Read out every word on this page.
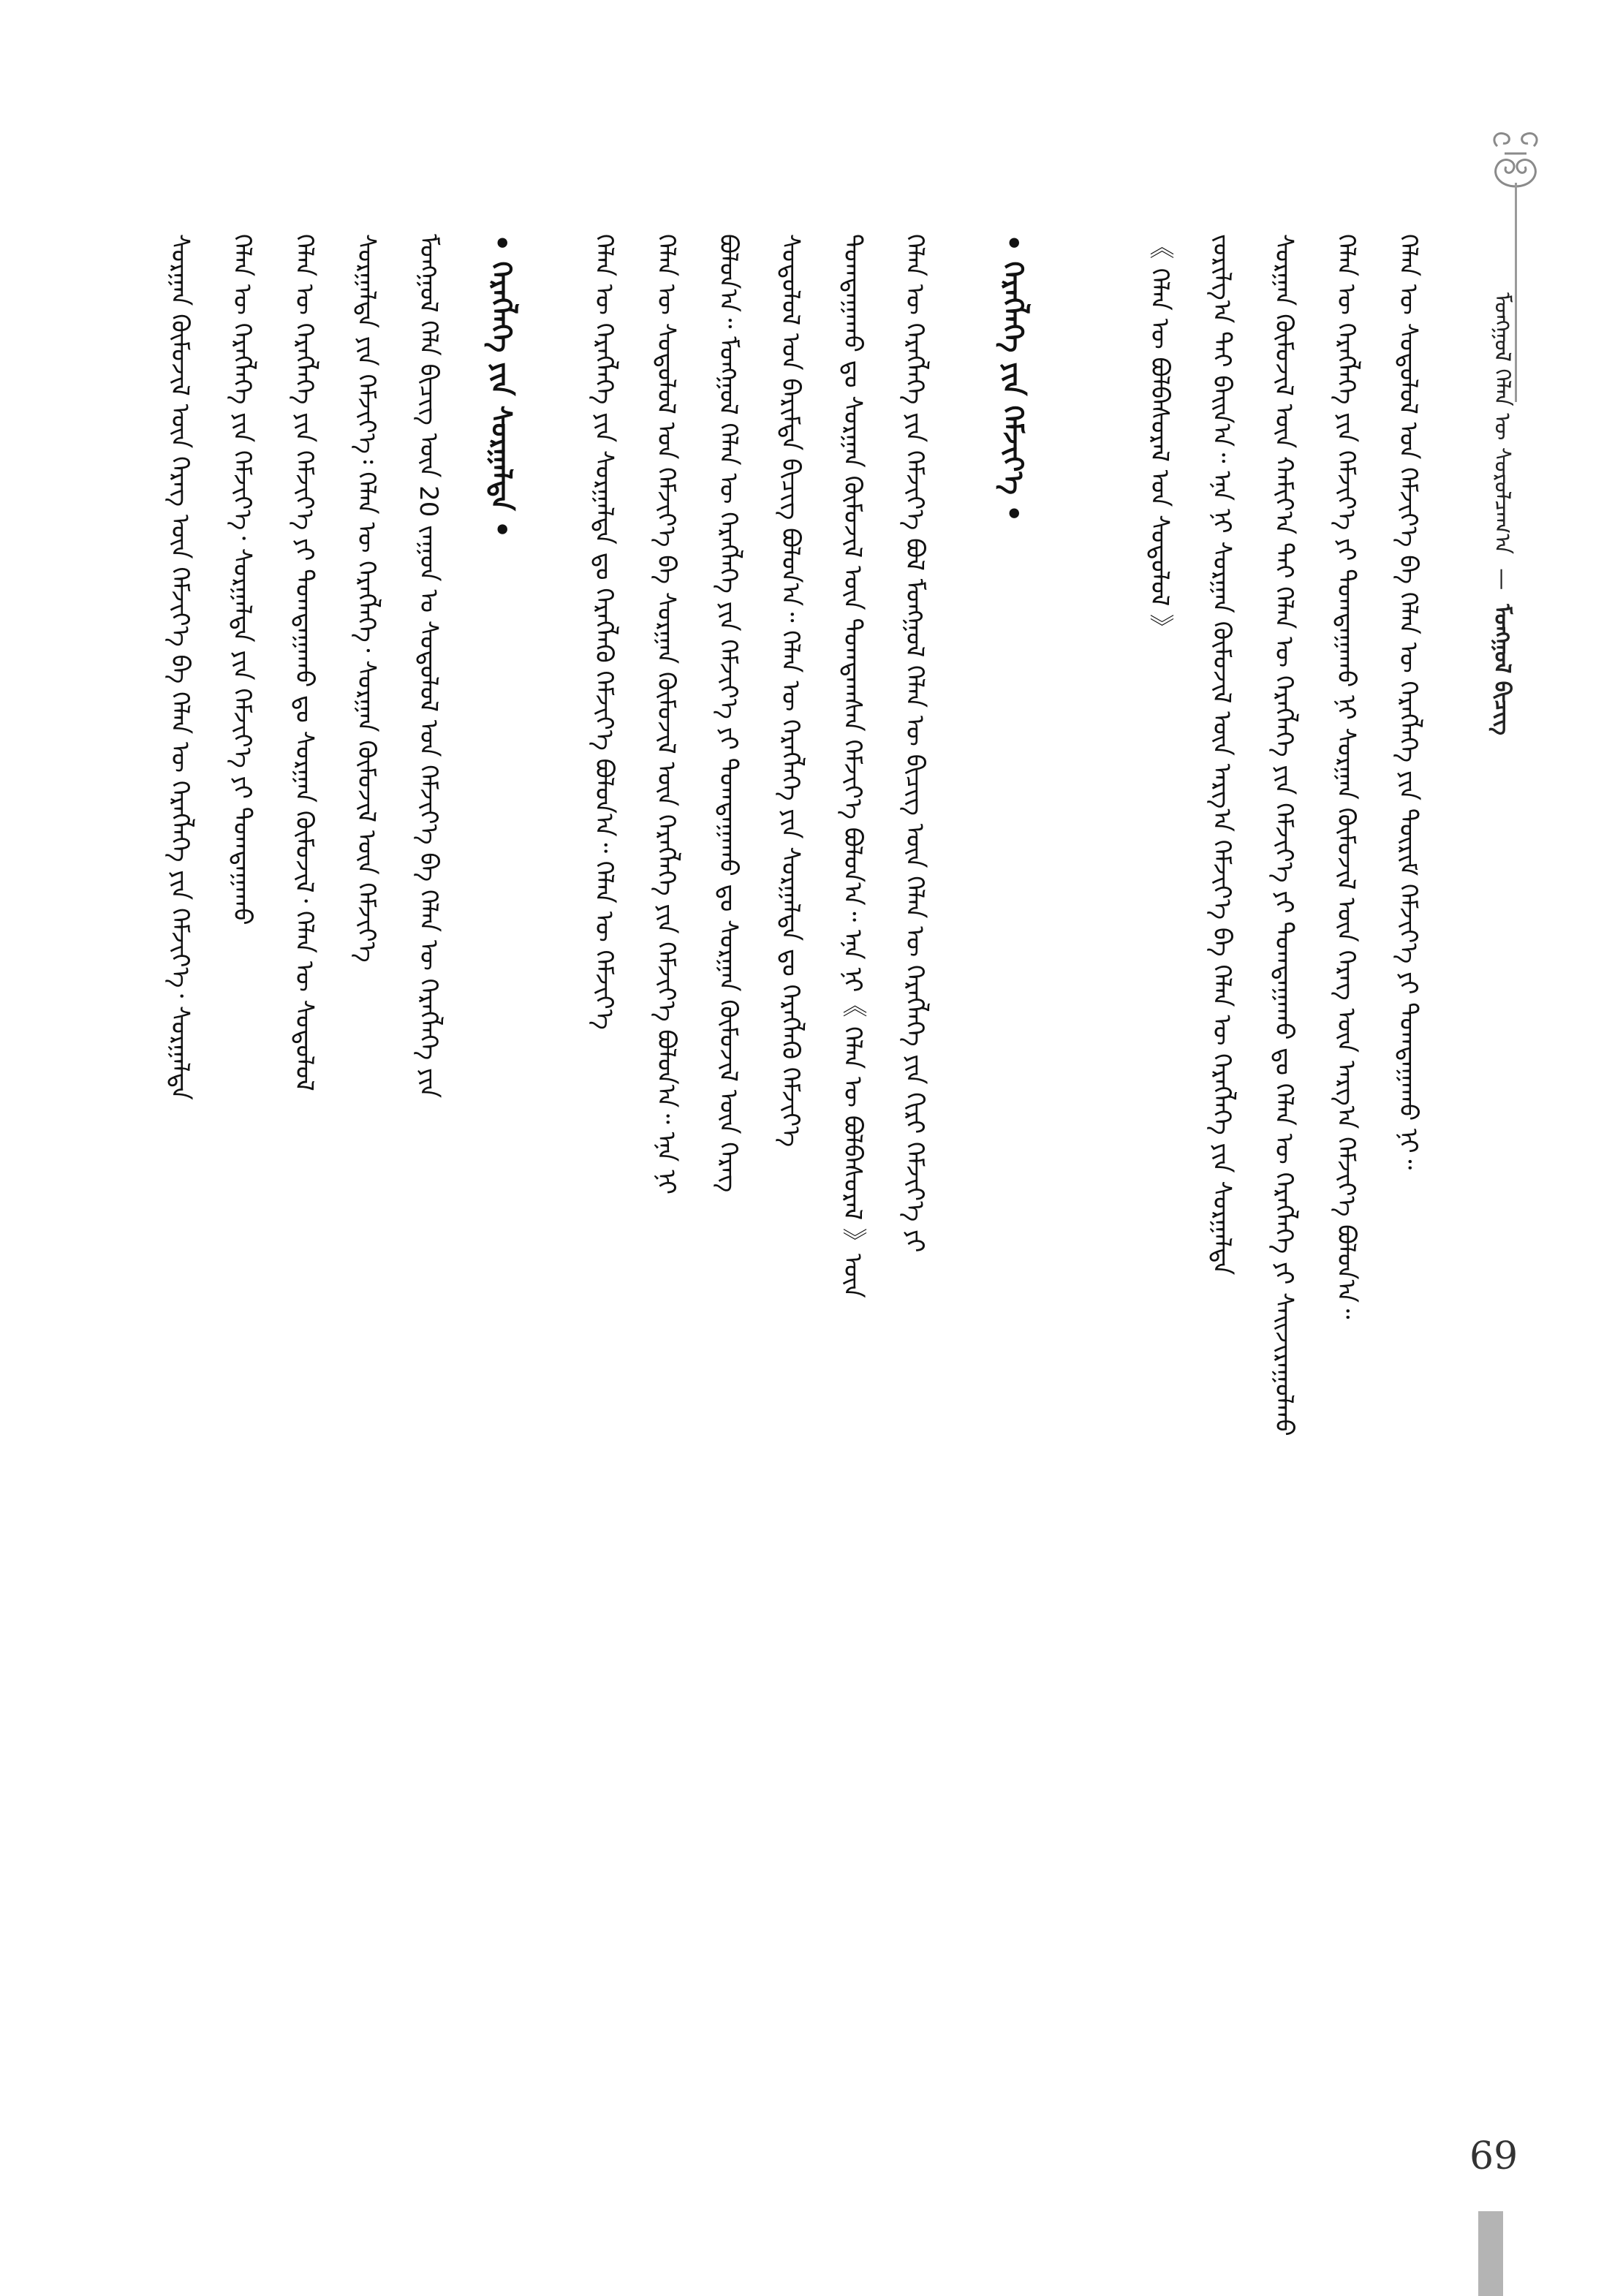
ᠮᠣᠩᠭᠤᠯ ᠬᠡᠯᠡᠨ ᠦ ᠰᠤᠷᠤᠯᠴᠠᠭ᠎ᠠ  —  ᠮᠣᠩᠭᠤᠯ ᠪᠢᠴᠢᠭ
ᠬᠡᠯᠡᠨ ᠦ ᠰᠤᠳᠤᠯᠤᠯ ᠤᠨ ᠬᠡᠮᠵᠢᠶ᠎ᠡ ᠪᠠ ᠬᠡᠯᠡᠨ ᠦ ᠬᠡᠷᠡᠭᠯᠡᠭᠡ ᠶᠢᠨ ᠳᠦᠷᠢᠮ ᠬᠡᠮᠵᠢᠶ᠎ᠡ ᠶᠢ ᠲᠣᠭᠲᠠᠭᠠᠬᠤ ᠨᠢ᠃
ᠬᠡᠯᠡᠨ ᠦ ᠬᠡᠷᠡᠭᠯᠡᠭᠡ ᠶᠢᠨ ᠬᠡᠮᠵᠢᠶ᠎ᠡ ᠶᠢ ᠲᠣᠭᠲᠠᠭᠠᠬᠤ ᠨᠢ ᠰᠤᠷᠭᠠᠨ ᠬᠦᠮᠦᠵᠢᠯ ᠦᠨ ᠬᠡᠷᠡᠭ ᠦᠨ ᠠᠷᠭ᠎ᠠ ᠬᠡᠮᠵᠢᠶ᠎ᠡ ᠪᠣᠯᠤᠨ᠎ᠠ᠃
ᠰᠤᠷᠭᠠᠨ ᠬᠦᠮᠦᠵᠢᠯ ᠦᠨ ᠬᠠᠮᠢᠶ᠎ᠠ ᠲᠠᠢ ᠬᠡᠯᠡᠨ ᠦ ᠬᠡᠷᠡᠭᠯᠡᠭᠡ ᠶᠢᠨ ᠬᠡᠮᠵᠢᠶ᠎ᠡ ᠶᠢ ᠲᠣᠭᠲᠠᠭᠠᠬᠤ ᠳᠤ ᠬᠡᠯᠡᠨ ᠦ ᠬᠡᠷᠡᠭᠯᠡᠭᠡ ᠶᠢ ᠰᠠᠢᠵᠢᠷᠠᠭᠤᠯᠬᠤ
ᠵᠣᠷᠢᠯᠭ᠎ᠠ ᠲᠠᠢ ᠪᠠᠢᠨ᠎ᠠ᠃ ᠡᠨᠡ ᠨᠢ ᠰᠤᠷᠭᠠᠨ ᠬᠦᠮᠦᠵᠢᠯ ᠦᠨ ᠠᠷᠭ᠎ᠠ ᠬᠡᠮᠵᠢᠶ᠎ᠡ ᠪᠠ ᠬᠡᠯᠡᠨ ᠦ ᠬᠡᠷᠡᠭᠯᠡᠭᠡ ᠶᠢᠨ ᠰᠤᠷᠭᠠᠯᠲᠠ
《 ᠬᠡᠯᠡᠨ ᠦ ᠪᠣᠯᠪᠠᠰᠤᠷᠠᠯ ᠤᠨ ᠰᠤᠳᠤᠯᠤᠯ 》
• ᠬᠡᠷᠡᠭᠯᠡᠭᠡ ᠶᠢᠨ ᠬᠡᠮᠵᠢᠶ᠎ᠡ •
ᠬᠡᠯᠡᠨ ᠦ ᠬᠡᠷᠡᠭᠯᠡᠭᠡ ᠶᠢᠨ ᠬᠡᠮᠵᠢᠶ᠎ᠡ ᠪᠣᠯ ᠮᠣᠩᠭᠤᠯ ᠬᠡᠯᠡᠨ ᠦ ᠪᠢᠴᠢᠭ ᠦᠨ ᠬᠡᠯᠡᠨ ᠦ ᠬᠡᠷᠡᠭᠯᠡᠭᠡ ᠶᠢᠨ ᠬᠢᠷᠢ ᠬᠡᠮᠵᠢᠶ᠎ᠡ ᠶᠢ
ᠲᠣᠭᠲᠠᠭᠠᠬᠤ ᠳᠤ ᠰᠤᠷᠭᠠᠨ ᠬᠦᠮᠦᠵᠢᠯ ᠦᠨ ᠲᠣᠭᠲᠠᠭᠰᠠᠨ ᠬᠡᠮᠵᠢᠶ᠎ᠡ ᠪᠣᠯᠤᠨ᠎ᠠ᠃ ᠡᠨᠡ ᠨᠢ《 ᠬᠡᠯᠡᠨ ᠦ ᠪᠣᠯᠪᠠᠰᠤᠷᠠᠯ 》ᠦᠨ
ᠰᠤᠳᠤᠯᠤᠯ ᠤᠨ ᠪᠠᠷᠢᠮᠲᠠ ᠪᠢᠴᠢᠭ ᠪᠣᠯᠤᠨ᠎ᠠ᠃ ᠬᠡᠯᠡᠨ ᠦ ᠬᠡᠷᠡᠭᠯᠡᠭᠡ ᠶᠢᠨ ᠰᠤᠷᠭᠠᠯᠲᠠ ᠳᠤ ᠬᠡᠷᠡᠭᠯᠡᠬᠦ ᠬᠡᠮᠵᠢᠶ᠎ᠡ
ᠪᠣᠯᠤᠨ᠎ᠠ᠃ ᠮᠣᠩᠭᠤᠯ ᠬᠡᠯᠡᠨ ᠦ ᠬᠡᠷᠡᠭᠯᠡᠭᠡ ᠶᠢᠨ ᠬᠡᠮᠵᠢᠶ᠎ᠡ ᠶᠢ ᠲᠣᠭᠲᠠᠭᠠᠬᠤ ᠳᠤ ᠰᠤᠷᠭᠠᠨ ᠬᠦᠮᠦᠵᠢᠯ ᠦᠨ ᠬᠡᠷᠡᠭ
ᠬᠡᠯᠡᠨ ᠦ ᠰᠤᠳᠤᠯᠤᠯ ᠤᠨ ᠬᠡᠮᠵᠢᠶ᠎ᠡ ᠪᠠ ᠰᠤᠷᠭᠠᠨ ᠬᠦᠮᠦᠵᠢᠯ ᠦᠨ ᠬᠡᠷᠡᠭᠯᠡᠭᠡ ᠶᠢᠨ ᠬᠡᠮᠵᠢᠶ᠎ᠡ ᠪᠣᠯᠤᠨ᠎ᠠ᠃ ᠡᠨᠡ ᠨᠢ
ᠬᠡᠯᠡᠨ ᠦ ᠬᠡᠷᠡᠭᠯᠡᠭᠡ ᠶᠢᠨ ᠰᠤᠷᠭᠠᠯᠲᠠ ᠳᠤ ᠬᠡᠷᠡᠭᠯᠡᠬᠦ ᠬᠡᠮᠵᠢᠶ᠎ᠡ ᠪᠣᠯᠤᠨ᠎ᠠ᠃ ᠬᠡᠯᠡᠨ ᠦ ᠬᠡᠮᠵᠢᠶ᠎ᠡ
• ᠬᠡᠷᠡᠭᠯᠡᠭᠡ ᠶᠢᠨ ᠰᠤᠷᠭᠠᠯᠲᠠ •
ᠮᠣᠩᠭᠤᠯ ᠬᠡᠯᠡ ᠪᠢᠴᠢᠭ ᠦᠨ 20 ᠵᠠᠭᠤᠨ ᠤ ᠰᠤᠳᠤᠯᠤᠯ ᠤᠨ ᠬᠡᠮᠵᠢᠶ᠎ᠡ ᠪᠠ ᠬᠡᠯᠡᠨ ᠦ ᠬᠡᠷᠡᠭᠯᠡᠭᠡ ᠶᠢᠨ
ᠰᠤᠷᠭᠠᠯᠲᠠ ᠶᠢᠨ ᠬᠡᠮᠵᠢᠶ᠎ᠡ᠄ ᠬᠡᠯᠡᠨ ᠦ ᠬᠡᠷᠡᠭᠯᠡᠭᠡ᠂ ᠰᠤᠷᠭᠠᠨ ᠬᠦᠮᠦᠵᠢᠯ ᠦᠨ ᠬᠡᠮᠵᠢᠶ᠎ᠡ
ᠬᠡᠯᠡᠨ ᠦ ᠬᠡᠷᠡᠭᠯᠡᠭᠡ ᠶᠢᠨ ᠬᠡᠮᠵᠢᠶ᠎ᠡ ᠶᠢ ᠲᠣᠭᠲᠠᠭᠠᠬᠤ ᠳᠤ ᠰᠤᠷᠭᠠᠨ ᠬᠦᠮᠦᠵᠢᠯ᠂ ᠬᠡᠯᠡᠨ ᠦ ᠰᠤᠳᠤᠯᠤᠯ
ᠬᠡᠯᠡᠨ ᠦ ᠬᠡᠷᠡᠭᠯᠡᠭᠡ ᠶᠢᠨ ᠬᠡᠮᠵᠢᠶ᠎ᠡ᠂ ᠰᠤᠷᠭᠠᠯᠲᠠ ᠶᠢᠨ ᠬᠡᠮᠵᠢᠶ᠎ᠡ ᠶᠢ ᠲᠣᠭᠲᠠᠭᠠᠬᠤ
ᠰᠤᠷᠭᠠᠨ ᠬᠦᠮᠦᠵᠢᠯ ᠦᠨ ᠬᠡᠷᠡᠭ ᠦᠨ ᠬᠡᠮᠵᠢᠶ᠎ᠡ ᠪᠠ ᠬᠡᠯᠡᠨ ᠦ ᠬᠡᠷᠡᠭᠯᠡᠭᠡ ᠶᠢᠨ ᠬᠡᠮᠵᠢᠶ᠎ᠡ᠂ ᠰᠤᠷᠭᠠᠯᠲᠠ
69
